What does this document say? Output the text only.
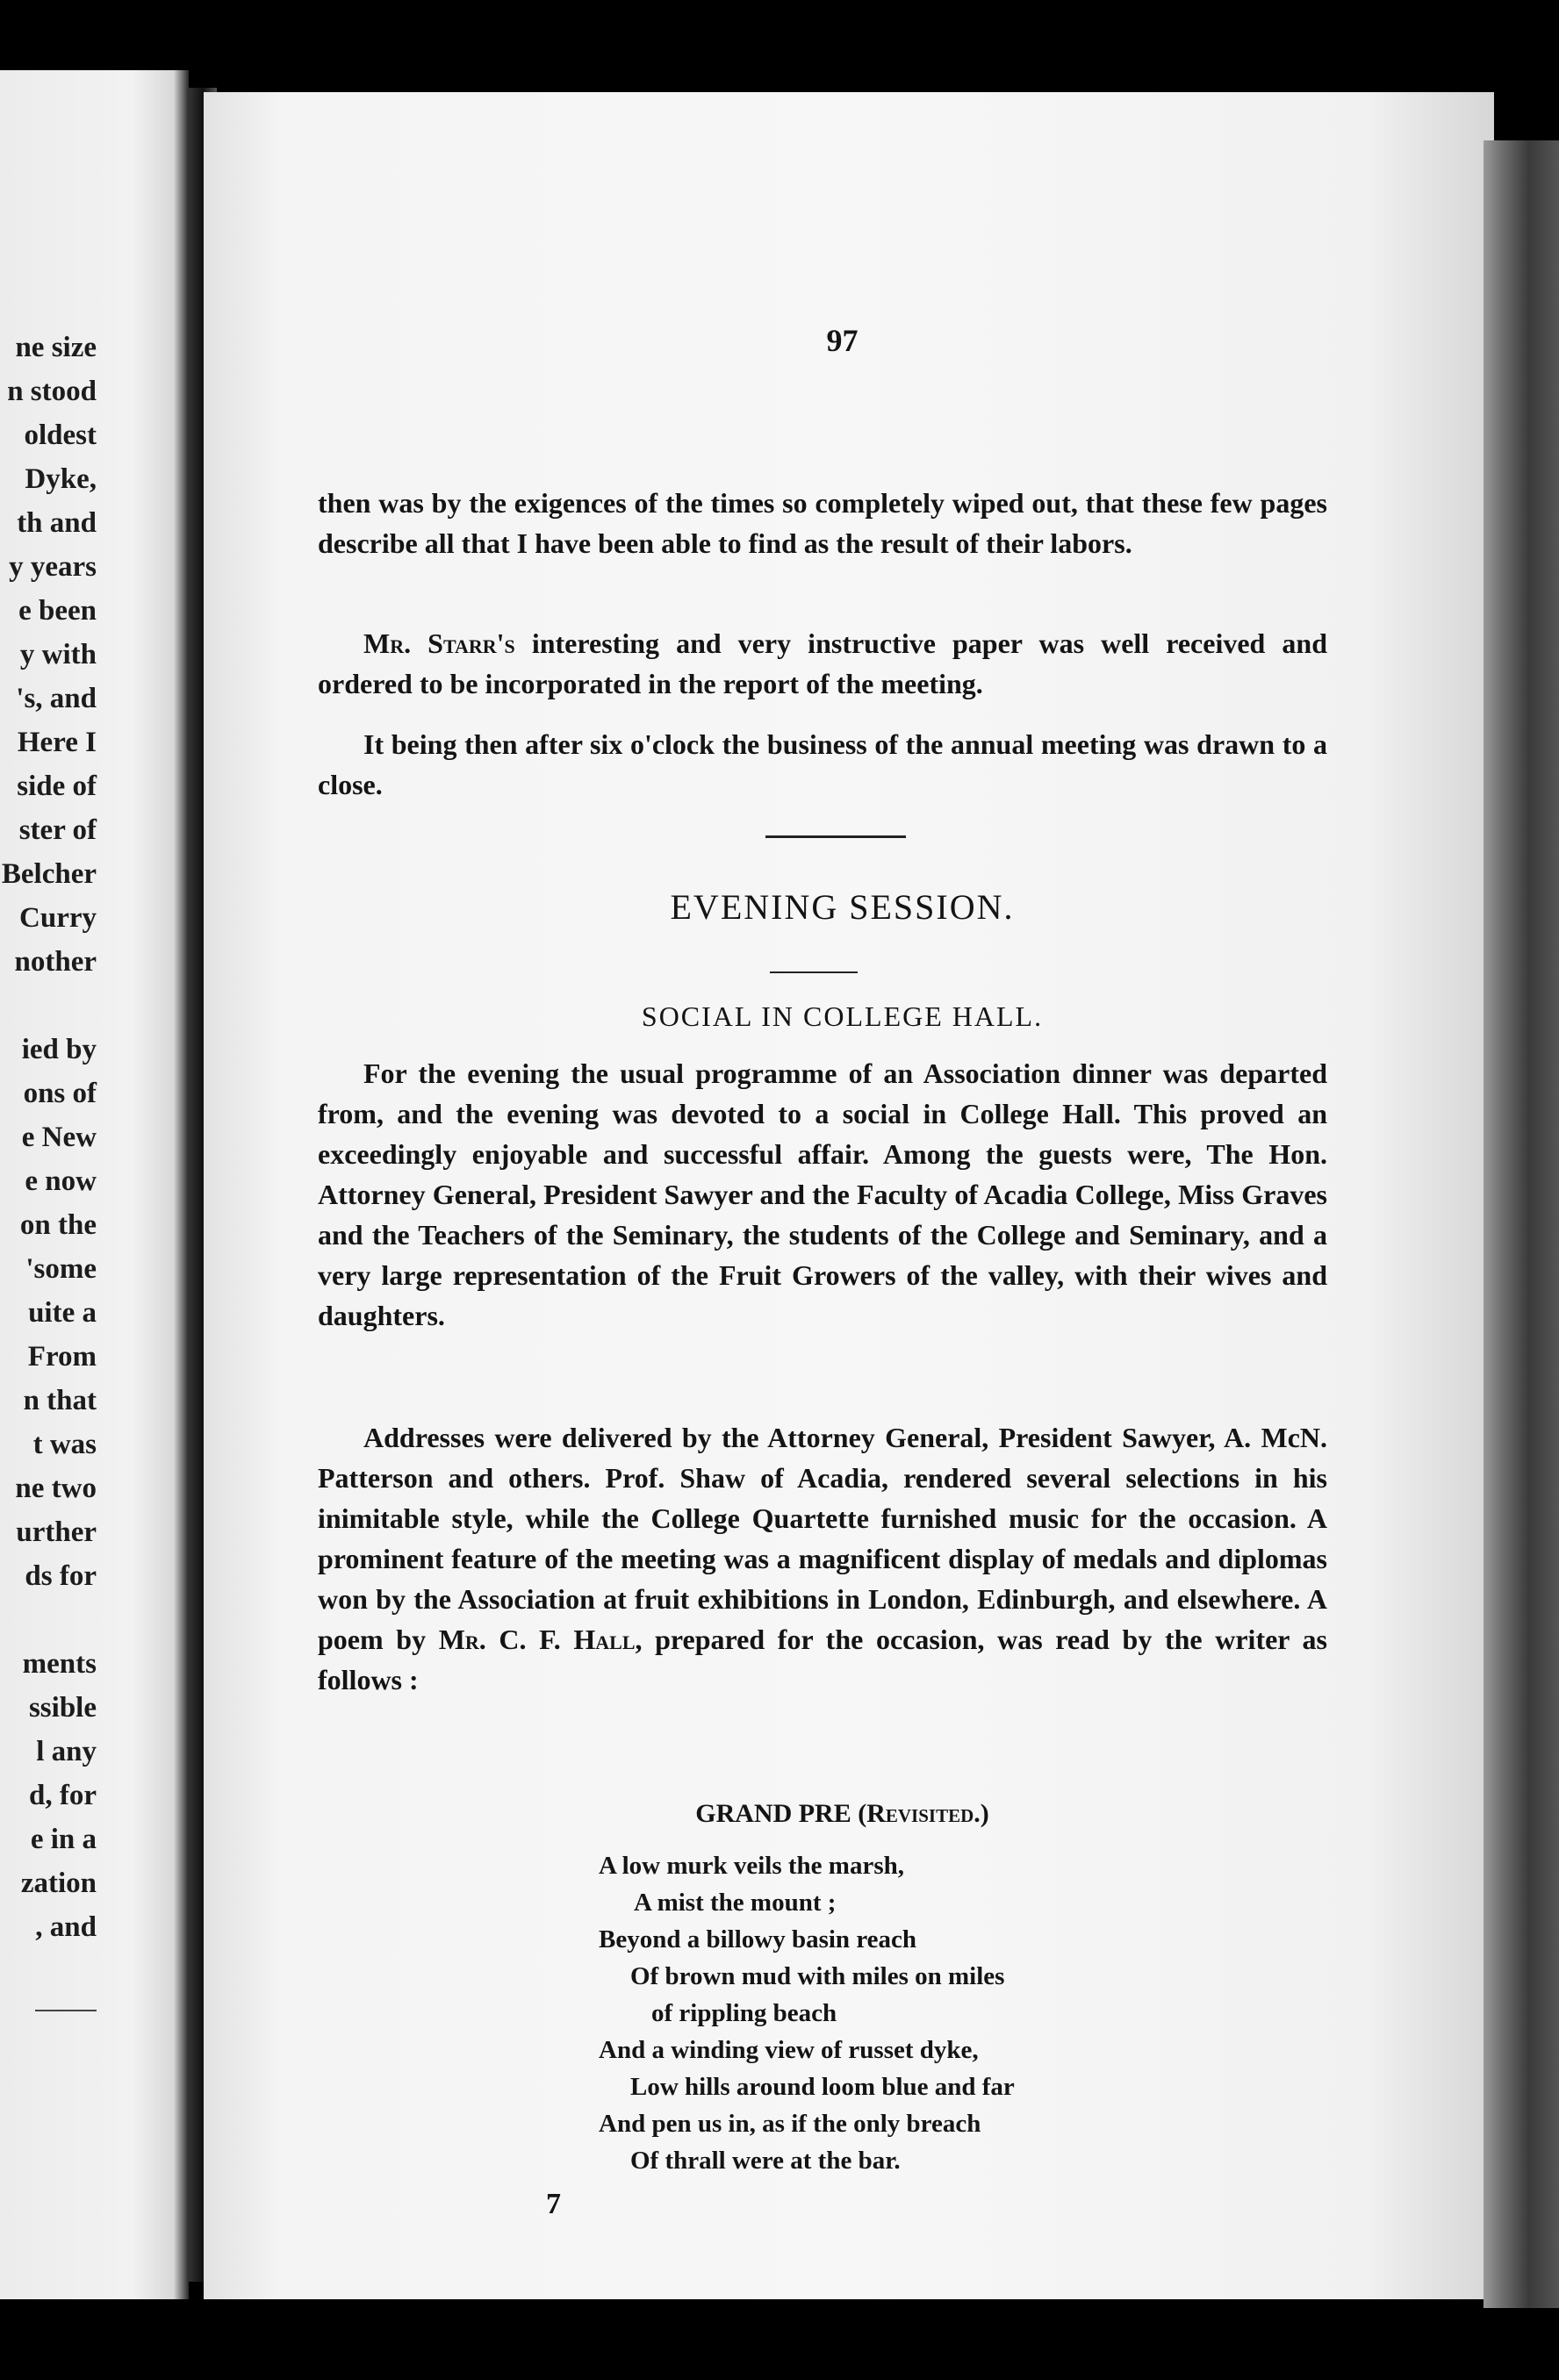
ne size
n stood
oldest
Dyke,
th and
y years
e been
y with
's, and
Here I
side of
ster of
Belcher
Curry
nother
ied by
ons of
e New
e now
on the
'some
uite a
From
n that
t was
ne two
urther
ds for
ments
ssible
l any
d, for
e in a
zation
, and
97
then was by the exigences of the times so completely wiped out, that these few pages describe all that I have been able to find as the result of their labors.
Mr. Starr's interesting and very instructive paper was well received and ordered to be incorporated in the report of the meeting.
It being then after six o'clock the business of the annual meeting was drawn to a close.
EVENING SESSION.
SOCIAL IN COLLEGE HALL.
For the evening the usual programme of an Association dinner was departed from, and the evening was devoted to a social in College Hall. This proved an exceedingly enjoyable and successful affair. Among the guests were, The Hon. Attorney General, President Sawyer and the Faculty of Acadia College, Miss Graves and the Teachers of the Seminary, the students of the College and Seminary, and a very large representation of the Fruit Growers of the valley, with their wives and daughters.
Addresses were delivered by the Attorney General, President Sawyer, A. McN. Patterson and others. Prof. Shaw of Acadia, rendered several selections in his inimitable style, while the College Quartette furnished music for the occasion. A prominent feature of the meeting was a magnificent display of medals and diplomas won by the Association at fruit exhibitions in London, Edinburgh, and elsewhere. A poem by Mr. C. F. Hall, prepared for the occasion, was read by the writer as follows :
GRAND PRE (Revisited.)
A low murk veils the marsh,
A mist the mount ;
Beyond a billowy basin reach
Of brown mud with miles on miles
of rippling beach
And a winding view of russet dyke,
Low hills around loom blue and far
And pen us in, as if the only breach
Of thrall were at the bar.
7
